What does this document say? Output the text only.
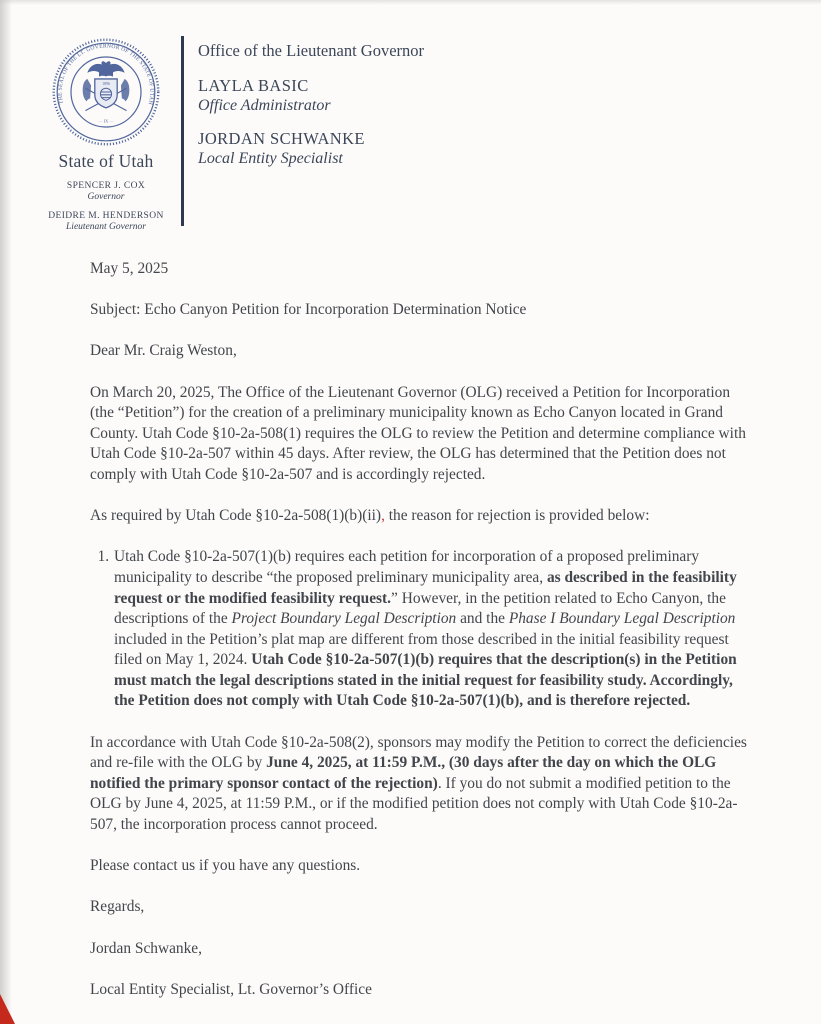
THE SEAL OF THE LT. GOVERNOR OF THE STATE OF UTAH
··· IX ···
1896
State of Utah
SPENCER J. COX
Governor
DEIDRE M. HENDERSON
Lieutenant Governor
Office of the Lieutenant Governor
LAYLA BASIC
Office Administrator
JORDAN SCHWANKE
Local Entity Specialist

May 5, 2025

Subject: Echo Canyon Petition for Incorporation Determination Notice

Dear Mr. Craig Weston,

On March 20, 2025, The Office of the Lieutenant Governor (OLG) received a Petition for Incorporation (the “Petition”) for the creation of a preliminary municipality known as Echo Canyon located in Grand County. Utah Code §10-2a-508(1) requires the OLG to review the Petition and determine compliance with Utah Code §10-2a-507 within 45 days. After review, the OLG has determined that the Petition does not comply with Utah Code §10-2a-507 and is accordingly rejected.

As required by Utah Code §10-2a-508(1)(b)(ii), the reason for rejection is provided below:

1. Utah Code §10-2a-507(1)(b) requires each petition for incorporation of a proposed preliminary municipality to describe “the proposed preliminary municipality area, as described in the feasibility request or the modified feasibility request.” However, in the petition related to Echo Canyon, the descriptions of the Project Boundary Legal Description and the Phase I Boundary Legal Description included in the Petition’s plat map are different from those described in the initial feasibility request filed on May 1, 2024. Utah Code §10-2a-507(1)(b) requires that the description(s) in the Petition must match the legal descriptions stated in the initial request for feasibility study. Accordingly, the Petition does not comply with Utah Code §10-2a-507(1)(b), and is therefore rejected.

In accordance with Utah Code §10-2a-508(2), sponsors may modify the Petition to correct the deficiencies and re-file with the OLG by June 4, 2025, at 11:59 P.M., (30 days after the day on which the OLG notified the primary sponsor contact of the rejection). If you do not submit a modified petition to the OLG by June 4, 2025, at 11:59 P.M., or if the modified petition does not comply with Utah Code §10-2a-507, the incorporation process cannot proceed.

Please contact us if you have any questions.

Regards,

Jordan Schwanke,

Local Entity Specialist, Lt. Governor’s Office
